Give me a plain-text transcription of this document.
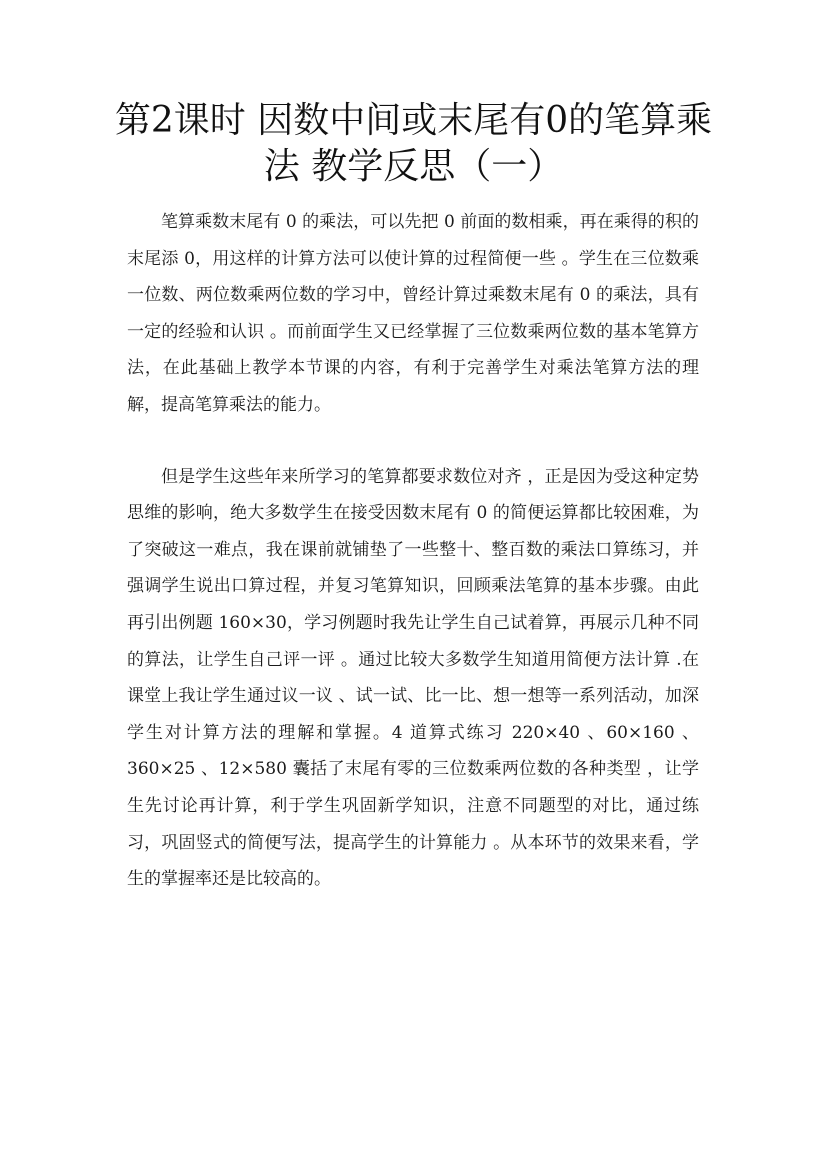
第2课时 因数中间或末尾有0的笔算乘法 教学反思（一）

笔算乘数末尾有 0 的乘法，可以先把 0 前面的数相乘，再在乘得的积的末尾添 0，用这样的计算方法可以使计算的过程简便一些 。学生在三位数乘一位数、两位数乘两位数的学习中，曾经计算过乘数末尾有 0 的乘法，具有一定的经验和认识 。而前面学生又已经掌握了三位数乘两位数的基本笔算方法，在此基础上教学本节课的内容，有利于完善学生对乘法笔算方法的理解，提高笔算乘法的能力。

但是学生这些年来所学习的笔算都要求数位对齐 ，正是因为受这种定势思维的影响，绝大多数学生在接受因数末尾有 0 的简便运算都比较困难，为了突破这一难点，我在课前就铺垫了一些整十、整百数的乘法口算练习，并强调学生说出口算过程，并复习笔算知识，回顾乘法笔算的基本步骤。由此再引出例题 160×30，学习例题时我先让学生自己试着算，再展示几种不同的算法，让学生自己评一评 。通过比较大多数学生知道用简便方法计算 .在课堂上我让学生通过议一议 、试一试、比一比、想一想等一系列活动，加深学生对计算方法的理解和掌握。4 道算式练习 220×40 、60×160 、360×25 、12×580 囊括了末尾有零的三位数乘两位数的各种类型 ，让学生先讨论再计算，利于学生巩固新学知识，注意不同题型的对比，通过练习，巩固竖式的简便写法，提高学生的计算能力 。从本环节的效果来看，学生的掌握率还是比较高的。
